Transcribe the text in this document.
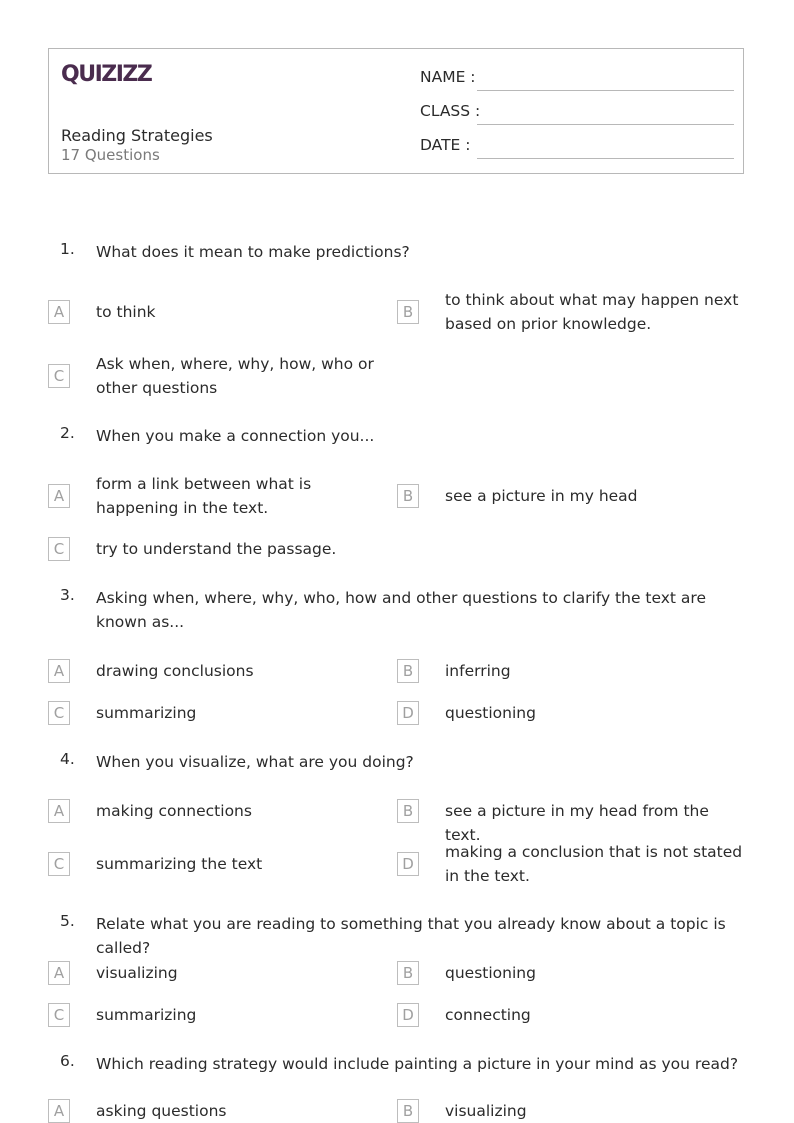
QUIZIZZ
Reading Strategies
17 Questions
NAME :
CLASS :
DATE :
1. What does it mean to make predictions?
A	to think	B
to think about what may happen next based on prior knowledge.
C
Ask when, where, why, how, who or other questions
2. When you make a connection you...
A
form a link between what is happening in the text.
B	see a picture in my head
C	try to understand the passage.
3. Asking when, where, why, who, how and other questions to clarify the text are known as...
A	drawing conclusions	B	inferring
C	summarizing	D	questioning
4. When you visualize, what are you doing?
A	making connections	B	see a picture in my head from the text.
C	summarizing the text	D
making a conclusion that is not stated in the text.
5. Relate what you are reading to something that you already know about a topic is called?
A	visualizing	B	questioning
C	summarizing	D	connecting
6. Which reading strategy would include painting a picture in your mind as you read?
A	asking questions	B	visualizing
